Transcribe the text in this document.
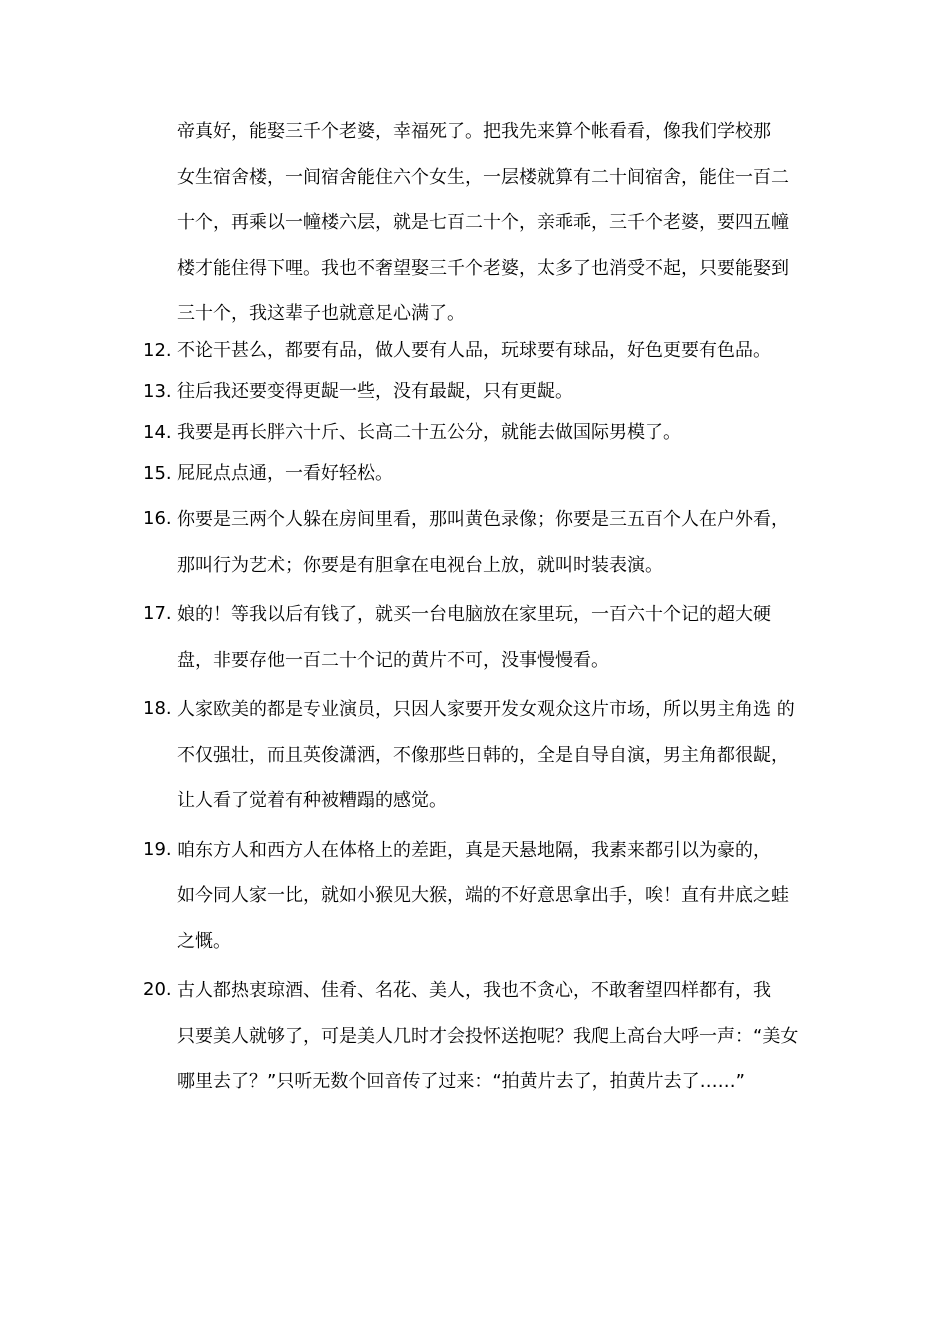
帝真好，能娶三千个老婆，幸福死了。把我先来算个帐看看，像我们学校那
女生宿舍楼，一间宿舍能住六个女生，一层楼就算有二十间宿舍，能住一百二
十个，再乘以一幢楼六层，就是七百二十个，亲乖乖，三千个老婆，要四五幢
楼才能住得下哩。我也不奢望娶三千个老婆，太多了也消受不起，只要能娶到
三十个，我这辈子也就意足心满了。
12. 不论干甚么，都要有品，做人要有人品，玩球要有球品，好色更要有色品。
13. 往后我还要变得更龊一些，没有最龊，只有更龊。
14. 我要是再长胖六十斤、长高二十五公分，就能去做国际男模了。
15. 屁屁点点通，一看好轻松。
16. 你要是三两个人躲在房间里看，那叫黄色录像；你要是三五百个人在户外看，
那叫行为艺术；你要是有胆拿在电视台上放，就叫时装表演。
17. 娘的！等我以后有钱了，就买一台电脑放在家里玩，一百六十个记的超大硬
盘，非要存他一百二十个记的黄片不可，没事慢慢看。
18. 人家欧美的都是专业演员，只因人家要开发女观众这片市场，所以男主角选 的
不仅强壮，而且英俊潇洒，不像那些日韩的，全是自导自演，男主角都很龊，
让人看了觉着有种被糟蹋的感觉。
19. 咱东方人和西方人在体格上的差距，真是天悬地隔，我素来都引以为豪的，
如今同人家一比，就如小猴见大猴，端的不好意思拿出手，唉！直有井底之蛙
之慨。
20. 古人都热衷琼酒、佳肴、名花、美人，我也不贪心，不敢奢望四样都有，我
只要美人就够了，可是美人几时才会投怀送抱呢？我爬上高台大呼一声：“美女
哪里去了？”只听无数个回音传了过来：“拍黄片去了，拍黄片去了……”
